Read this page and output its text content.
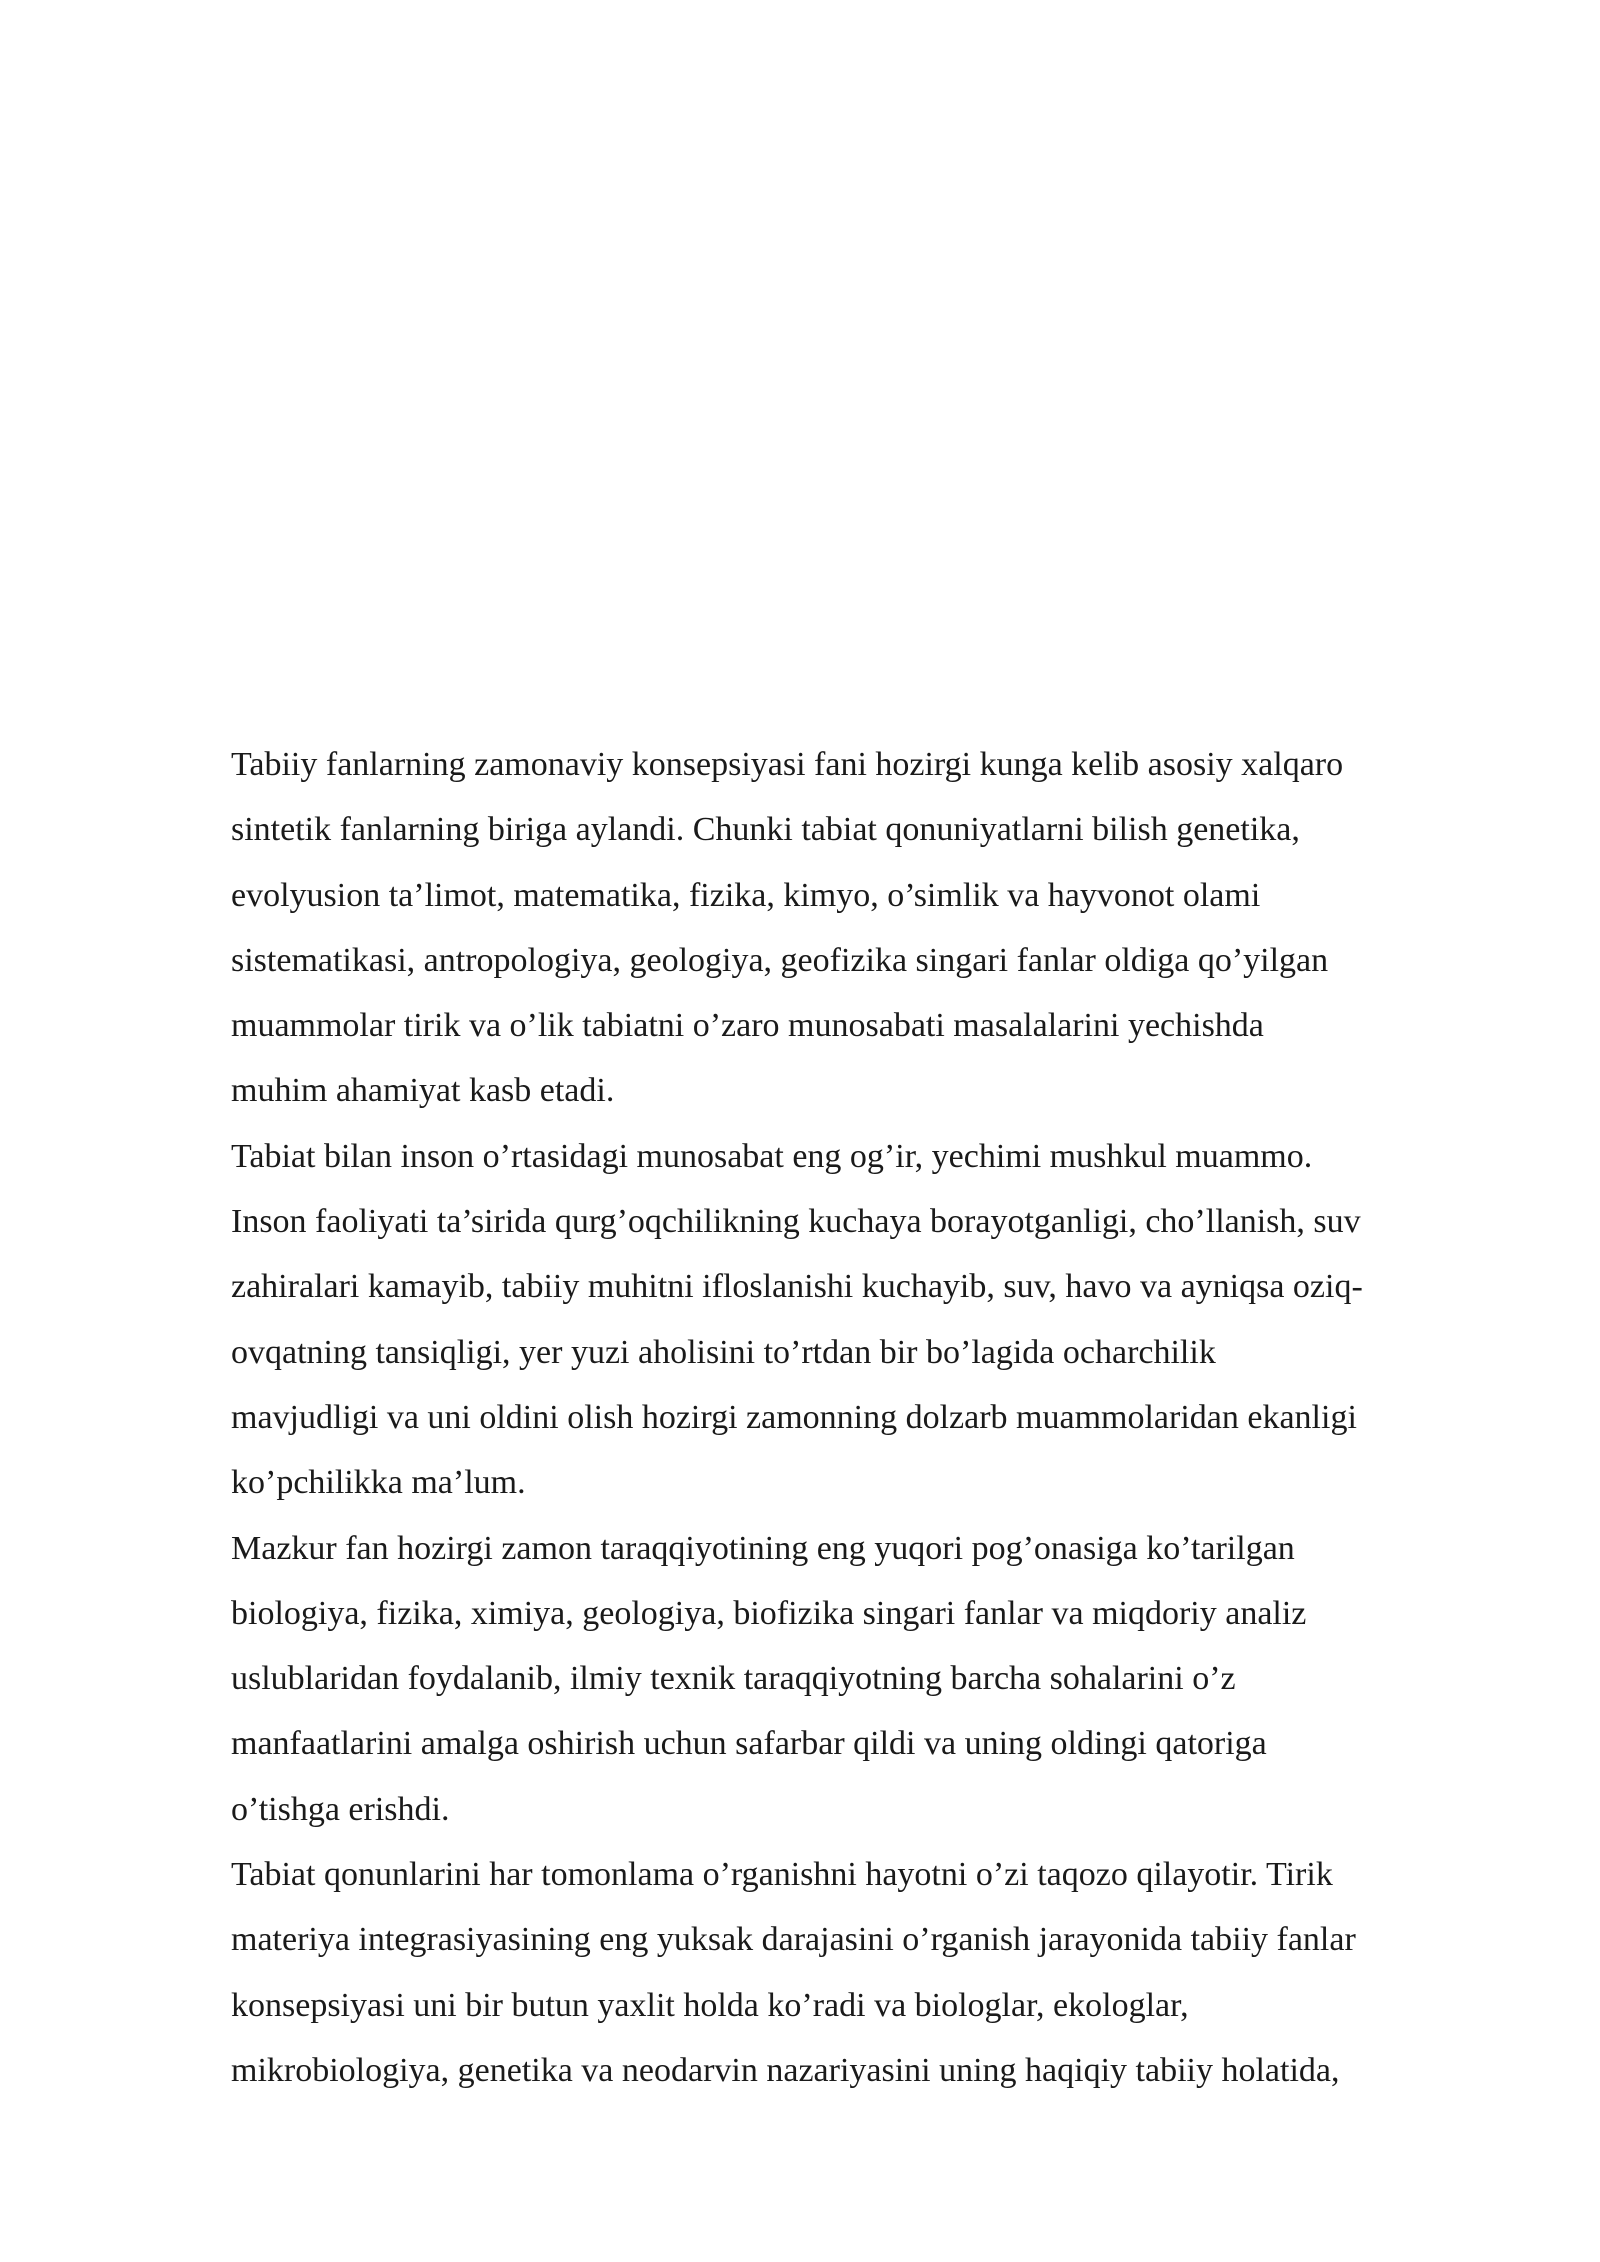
Tabiiy fanlarning zamonaviy konsepsiyasi fani hozirgi kunga kelib asosiy xalqaro
sintetik fanlarning biriga aylandi. Chunki tabiat qonuniyatlarni bilish genetika,
evolyusion ta’limot, matematika, fizika, kimyo, o’simlik va hayvonot olami
sistematikasi, antropologiya, geologiya, geofizika singari fanlar oldiga qo’yilgan
muammolar tirik va o’lik tabiatni o’zaro munosabati masalalarini yechishda
muhim ahamiyat kasb etadi.
Tabiat bilan inson o’rtasidagi munosabat eng og’ir, yechimi mushkul muammo.
Inson faoliyati ta’sirida qurg’oqchilikning kuchaya borayotganligi, cho’llanish, suv
zahiralari kamayib, tabiiy muhitni ifloslanishi kuchayib, suv, havo va ayniqsa oziq-
ovqatning tansiqligi, yer yuzi aholisini to’rtdan bir bo’lagida ocharchilik
mavjudligi va uni oldini olish hozirgi zamonning dolzarb muammolaridan ekanligi
ko’pchilikka ma’lum.
Mazkur fan hozirgi zamon taraqqiyotining eng yuqori pog’onasiga ko’tarilgan
biologiya, fizika, ximiya, geologiya, biofizika singari fanlar va miqdoriy analiz
uslublaridan foydalanib, ilmiy texnik taraqqiyotning barcha sohalarini o’z
manfaatlarini amalga oshirish uchun safarbar qildi va uning oldingi qatoriga
o’tishga erishdi.
Tabiat qonunlarini har tomonlama o’rganishni hayotni o’zi taqozo qilayotir. Tirik
materiya integrasiyasining eng yuksak darajasini o’rganish jarayonida tabiiy fanlar
konsepsiyasi uni bir butun yaxlit holda ko’radi va biologlar, ekologlar,
mikrobiologiya, genetika va neodarvin nazariyasini uning haqiqiy tabiiy holatida,
